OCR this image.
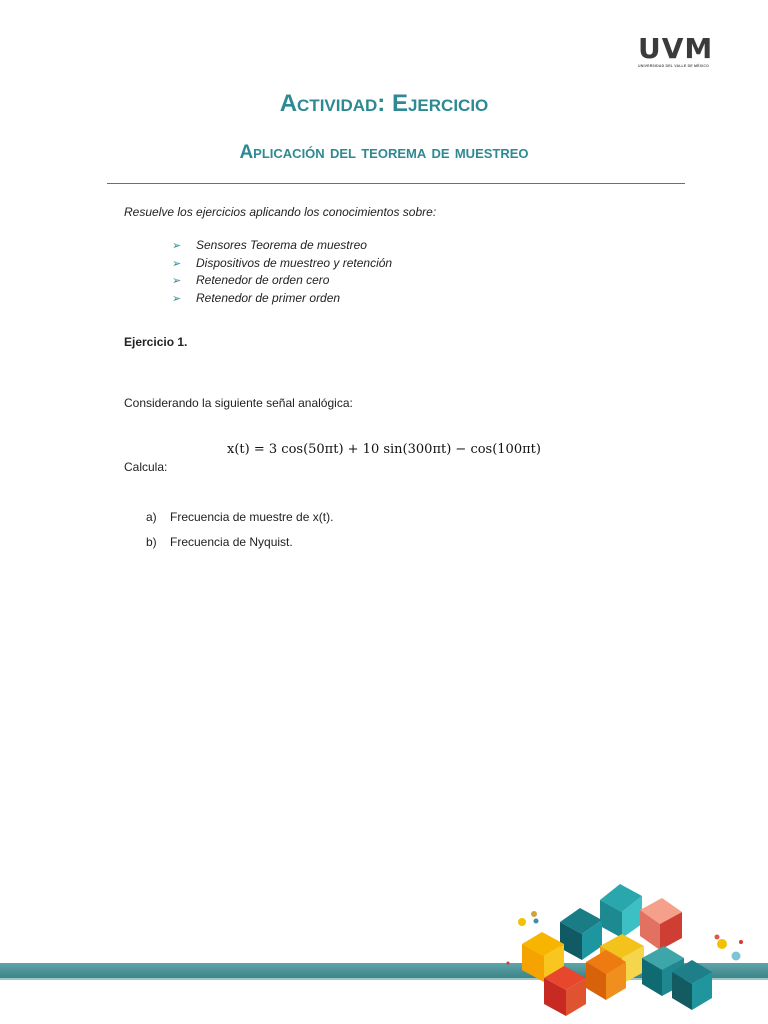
UVM
UNIVERSIDAD DEL VALLE DE MÉXICO
Actividad: Ejercicio
Aplicación del teorema de muestreo
Resuelve los ejercicios aplicando los conocimientos sobre:
➢ Sensores Teorema de muestreo
➢ Dispositivos de muestreo y retención
➢ Retenedor de orden cero
➢ Retenedor de primer orden
Ejercicio 1.
Considerando la siguiente señal analógica:
x(t) = 3 cos(50πt) + 10 sin(300πt) − cos(100πt)
Calcula:
a) Frecuencia de muestre de x(t).
b) Frecuencia de Nyquist.
